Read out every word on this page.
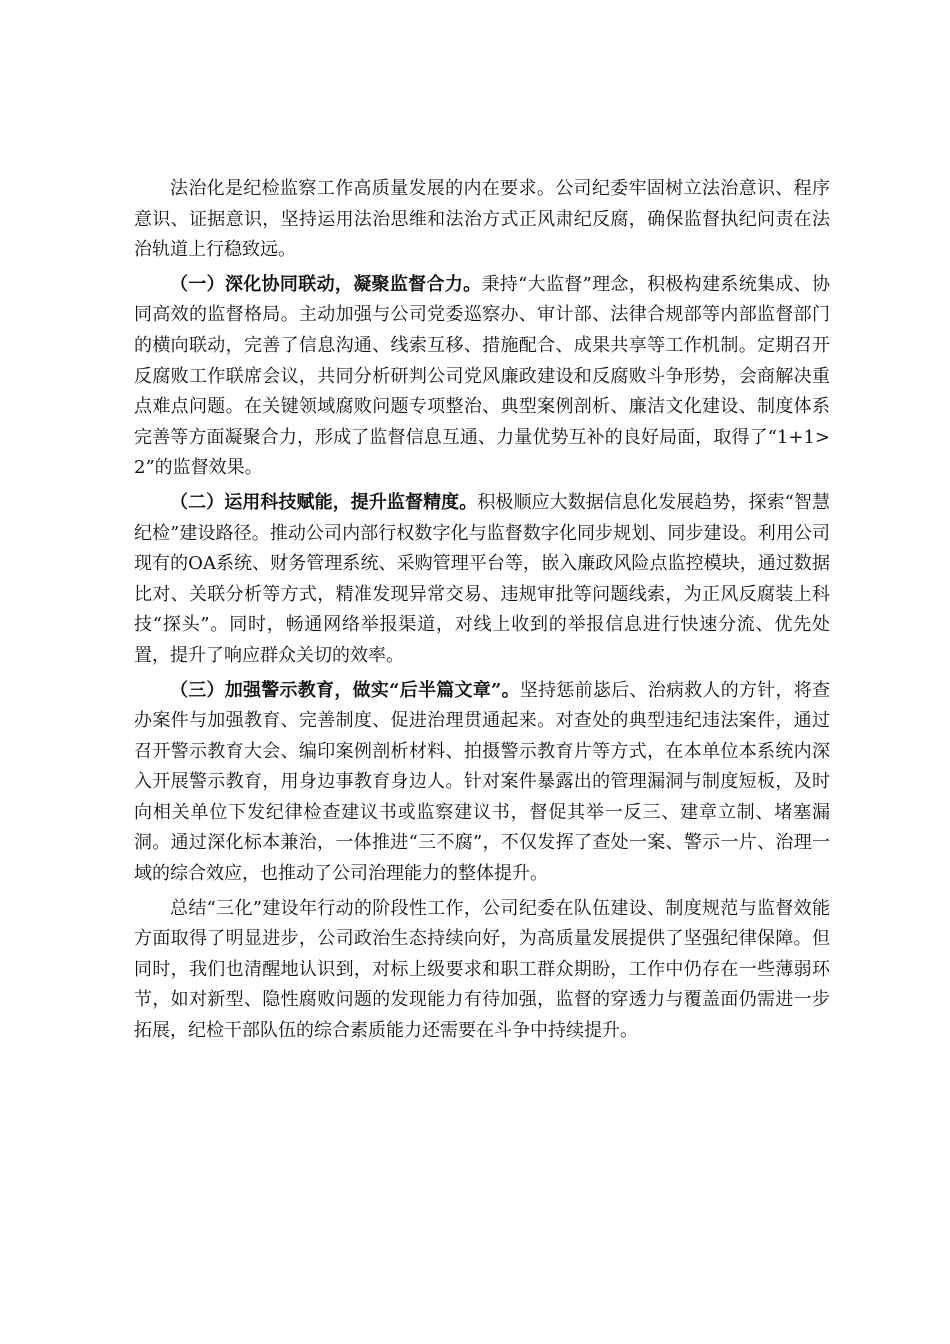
法治化是纪检监察工作高质量发展的内在要求。公司纪委牢固树立法治意识、程序意识、证据意识，坚持运用法治思维和法治方式正风肃纪反腐，确保监督执纪问责在法治轨道上行稳致远。

（一）深化协同联动，凝聚监督合力。秉持“大监督”理念，积极构建系统集成、协同高效的监督格局。主动加强与公司党委巡察办、审计部、法律合规部等内部监督部门的横向联动，完善了信息沟通、线索互移、措施配合、成果共享等工作机制。定期召开反腐败工作联席会议，共同分析研判公司党风廉政建设和反腐败斗争形势，会商解决重点难点问题。在关键领域腐败问题专项整治、典型案例剖析、廉洁文化建设、制度体系完善等方面凝聚合力，形成了监督信息互通、力量优势互补的良好局面，取得了“1+1>2”的监督效果。

（二）运用科技赋能，提升监督精度。积极顺应大数据信息化发展趋势，探索“智慧纪检”建设路径。推动公司内部行权数字化与监督数字化同步规划、同步建设。利用公司现有的OA系统、财务管理系统、采购管理平台等，嵌入廉政风险点监控模块，通过数据比对、关联分析等方式，精准发现异常交易、违规审批等问题线索，为正风反腐装上科技“探头”。同时，畅通网络举报渠道，对线上收到的举报信息进行快速分流、优先处置，提升了响应群众关切的效率。

（三）加强警示教育，做实“后半篇文章”。坚持惩前毖后、治病救人的方针，将查办案件与加强教育、完善制度、促进治理贯通起来。对查处的典型违纪违法案件，通过召开警示教育大会、编印案例剖析材料、拍摄警示教育片等方式，在本单位本系统内深入开展警示教育，用身边事教育身边人。针对案件暴露出的管理漏洞与制度短板，及时向相关单位下发纪律检查建议书或监察建议书，督促其举一反三、建章立制、堵塞漏洞。通过深化标本兼治，一体推进“三不腐”，不仅发挥了查处一案、警示一片、治理一域的综合效应，也推动了公司治理能力的整体提升。

总结“三化”建设年行动的阶段性工作，公司纪委在队伍建设、制度规范与监督效能方面取得了明显进步，公司政治生态持续向好，为高质量发展提供了坚强纪律保障。但同时，我们也清醒地认识到，对标上级要求和职工群众期盼，工作中仍存在一些薄弱环节，如对新型、隐性腐败问题的发现能力有待加强，监督的穿透力与覆盖面仍需进一步拓展，纪检干部队伍的综合素质能力还需要在斗争中持续提升。
